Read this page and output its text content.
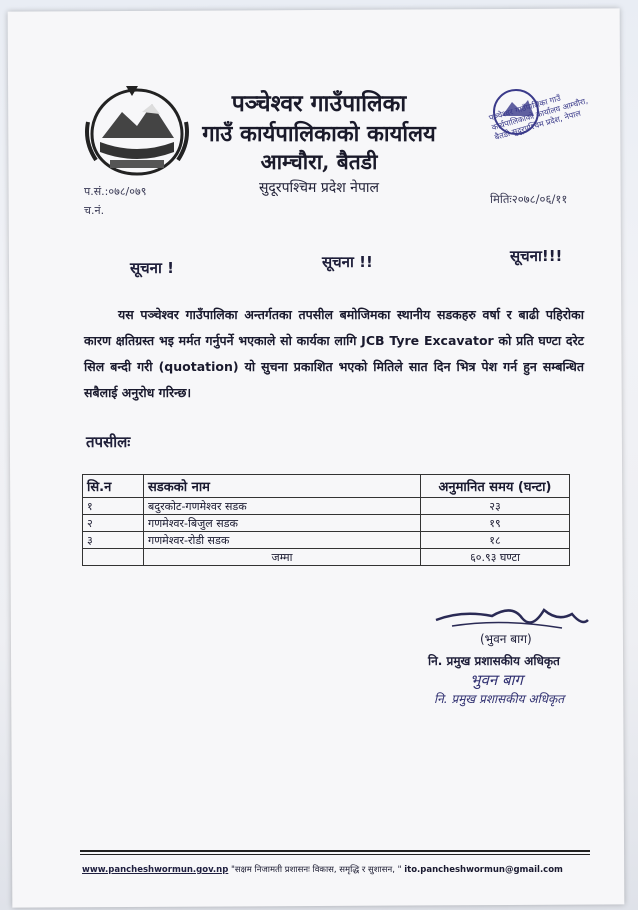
पञ्चेश्वर गाउँपालिका
गाउँ कार्यपालिकाको कार्यालय
आम्चौरा, बैतडी
सुदूरपश्चिम प्रदेश नेपाल
पञ्चेश्वर गाउँपालिका गाउँ कार्यपालिकाको कार्यालय आम्चौरा, बैतडी सुदूरपश्चिम प्रदेश, नेपाल
प.सं.:०७८/०७९
च.नं.
मितिः२०७८/०६/११
सूचना !	सूचना !!	सूचना!!!
यस पञ्चेश्वर गाउँपालिका अन्तर्गतका तपसील बमोजिमका स्थानीय सडकहरु वर्षा र बाढी पहिरोका कारण क्षतिग्रस्त भइ मर्मत गर्नुपर्ने भएकाले सो कार्यका लागि JCB Tyre Excavator को प्रति घण्टा दरेट सिल बन्दी गरी (quotation) यो सुचना प्रकाशित भएको मितिले सात दिन भित्र पेश गर्न हुन सम्बन्धित सबैलाई अनुरोध गरिन्छ।
तपसीलः
सि.न	सडकको नाम	अनुमानित समय (घन्टा)
१	बदुरकोट-गणमेश्वर सडक	२३
२	गणमेश्वर-बिजुल सडक	१९
३	गणमेश्वर-रोडी सडक	१८
	जम्मा	६०.९३ घण्टा
(भुवन बाग)
नि. प्रमुख प्रशासकीय अधिकृत
भुवन बाग
नि. प्रमुख प्रशासकीय अधिकृत
www.pancheshwormun.gov.np "सक्षम निजामती प्रशासनः विकास, समृद्धि र सुशासन, " ito.pancheshwormun@gmail.com
